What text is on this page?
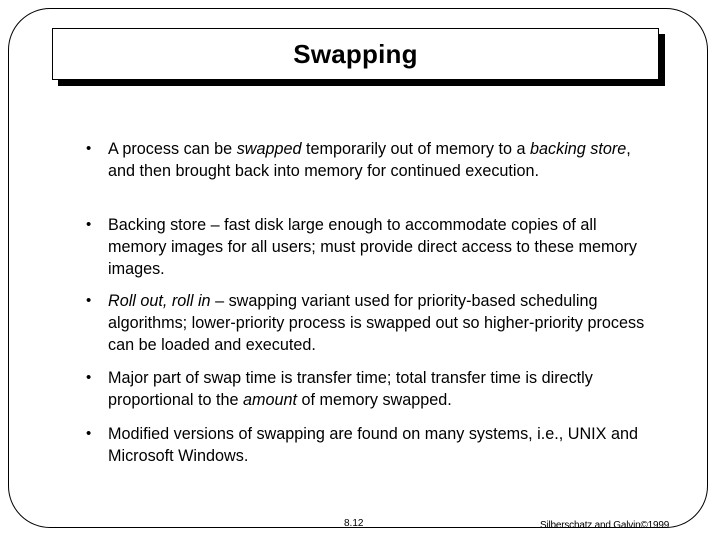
Swapping
•	A process can be swapped temporarily out of memory to a backing store, and then brought back into memory for continued execution.
•	Backing store – fast disk large enough to accommodate copies of all memory images for all users; must provide direct access to these memory images.
•	Roll out, roll in – swapping variant used for priority-based scheduling algorithms; lower-priority process is swapped out so higher-priority process can be loaded and executed.
•	Major part of swap time is transfer time; total transfer time is directly proportional to the amount of memory swapped.
•	Modified versions of swapping are found on many systems, i.e., UNIX and Microsoft Windows.
8.12	Silberschatz and Galvin©1999
